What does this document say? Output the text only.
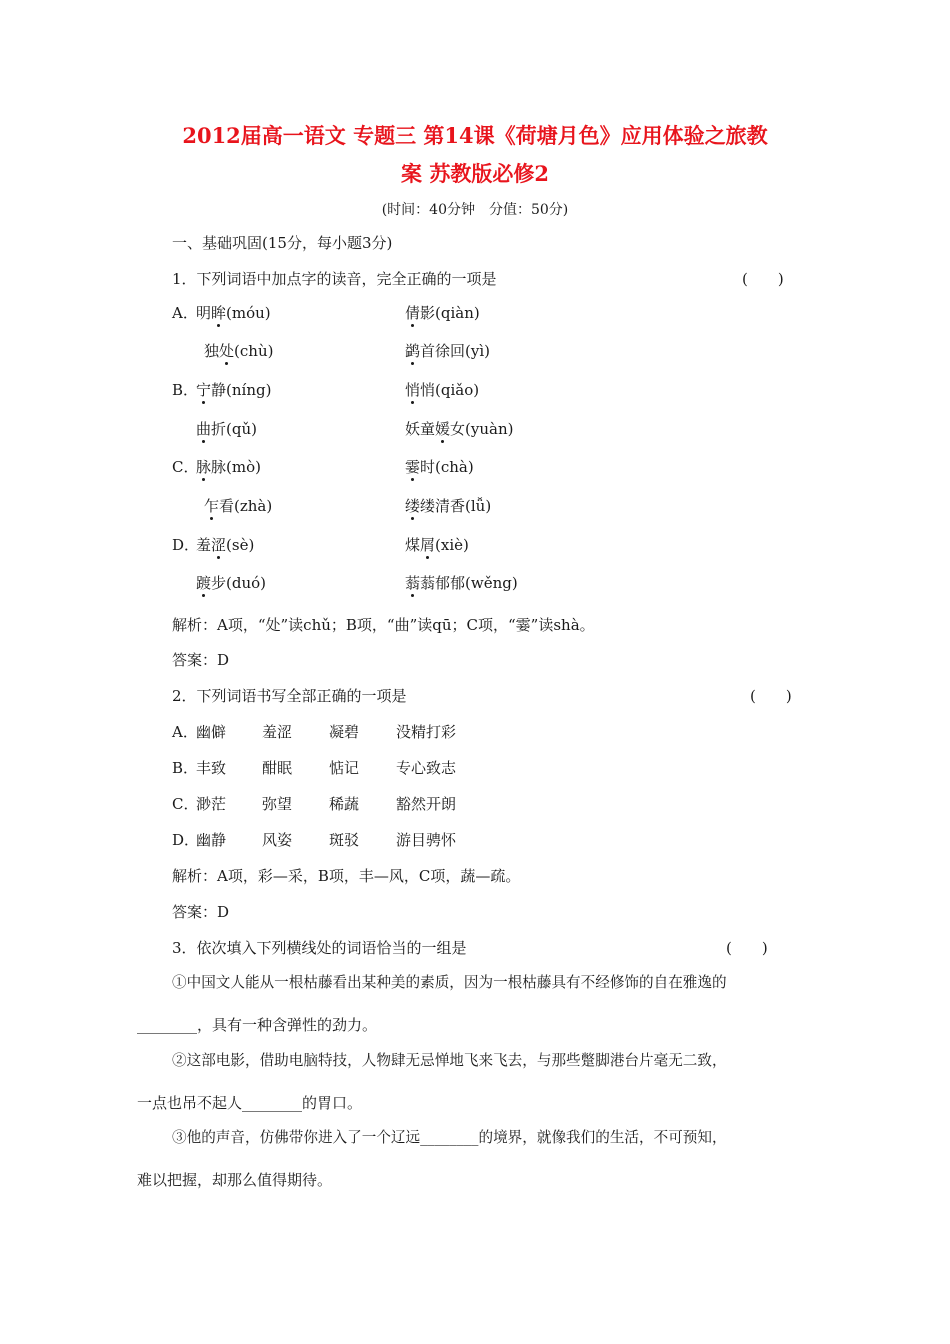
2012届高一语文 专题三 第14课《荷塘月色》应用体验之旅教
案 苏教版必修2
(时间：40分钟　分值：50分)
一、基础巩固(15分，每小题3分)
1．下列词语中加点字的读音，完全正确的一项是	(　　)
A．
明眸(móu)	倩影(qiàn)
独处(chù)	鹢首徐回(yì)
B．
宁静(níng)	悄悄(qiǎo)
曲折(qǔ)	妖童媛女(yuàn)
C．
脉脉(mò)	霎时(chà)
乍看(zhà)	缕缕清香(lǚ)
D．
羞涩(sè)	煤屑(xiè)
踱步(duó)	蓊蓊郁郁(wěng)
解析：A项，“处”读chǔ；B项，“曲”读qū；C项，“霎”读shà。
答案：D
2．下列词语书写全部正确的一项是	(　　)
A．
幽僻 羞涩 凝碧 没精打彩
B．
丰致 酣眠 惦记 专心致志
C．
渺茫 弥望 稀蔬 豁然开朗
D．
幽静 风姿 斑驳 游目骋怀
解析：A项，彩—采，B项，丰—风，C项，蔬—疏。
答案：D
3．依次填入下列横线处的词语恰当的一组是	(　　)
①中国文人能从一根枯藤看出某种美的素质，因为一根枯藤具有不经修饰的自在雅逸的
________，具有一种含弹性的劲力。
②这部电影，借助电脑特技，人物肆无忌惮地飞来飞去，与那些蹩脚港台片毫无二致，
一点也吊不起人________的胃口。
③他的声音，仿佛带你进入了一个辽远________的境界，就像我们的生活，不可预知，
难以把握，却那么值得期待。
